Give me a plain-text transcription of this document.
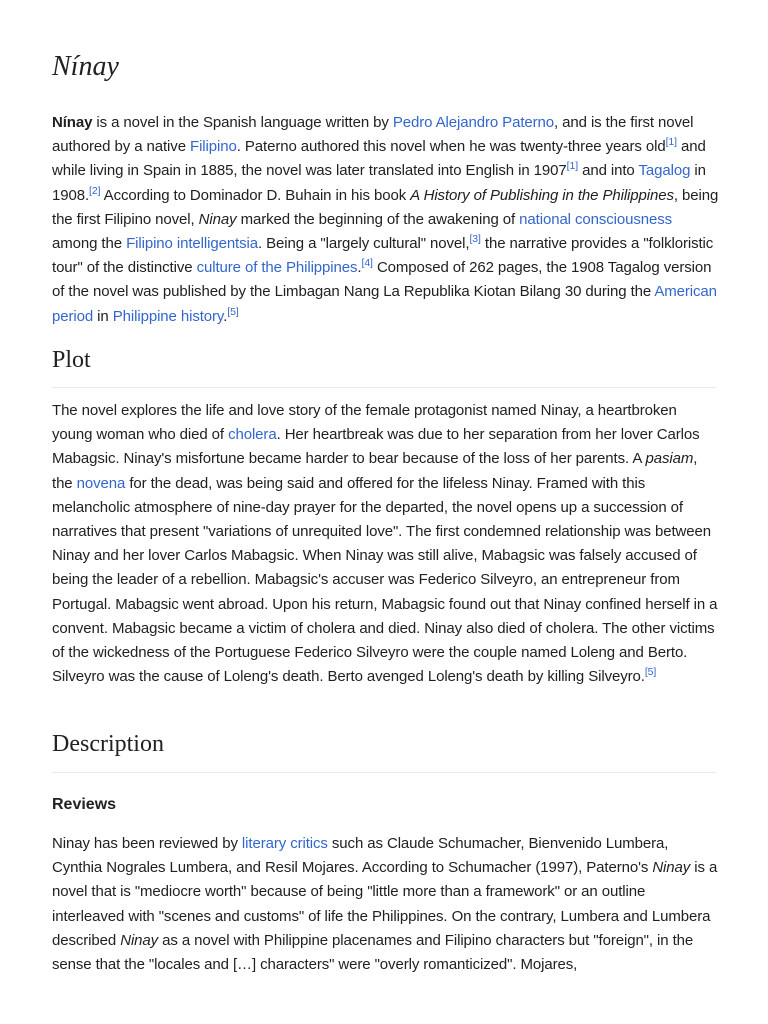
Nínay

Nínay is a novel in the Spanish language written by Pedro Alejandro Paterno, and is the first novel authored by a native Filipino. Paterno authored this novel when he was twenty-three years old[1] and while living in Spain in 1885, the novel was later translated into English in 1907[1] and into Tagalog in 1908.[2] According to Dominador D. Buhain in his book A History of Publishing in the Philippines, being the first Filipino novel, Ninay marked the beginning of the awakening of national consciousness among the Filipino intelligentsia. Being a "largely cultural" novel,[3] the narrative provides a "folkloristic tour" of the distinctive culture of the Philippines.[4] Composed of 262 pages, the 1908 Tagalog version of the novel was published by the Limbagan Nang La Republika Kiotan Bilang 30 during the American period in Philippine history.[5]

Plot

The novel explores the life and love story of the female protagonist named Ninay, a heartbroken young woman who died of cholera. Her heartbreak was due to her separation from her lover Carlos Mabagsic. Ninay's misfortune became harder to bear because of the loss of her parents. A pasiam, the novena for the dead, was being said and offered for the lifeless Ninay. Framed with this melancholic atmosphere of nine-day prayer for the departed, the novel opens up a succession of narratives that present "variations of unrequited love". The first condemned relationship was between Ninay and her lover Carlos Mabagsic. When Ninay was still alive, Mabagsic was falsely accused of being the leader of a rebellion. Mabagsic's accuser was Federico Silveyro, an entrepreneur from Portugal. Mabagsic went abroad. Upon his return, Mabagsic found out that Ninay confined herself in a convent. Mabagsic became a victim of cholera and died. Ninay also died of cholera. The other victims of the wickedness of the Portuguese Federico Silveyro were the couple named Loleng and Berto. Silveyro was the cause of Loleng's death. Berto avenged Loleng's death by killing Silveyro.[5]

Description
Reviews

Ninay has been reviewed by literary critics such as Claude Schumacher, Bienvenido Lumbera, Cynthia Nograles Lumbera, and Resil Mojares. According to Schumacher (1997), Paterno's Ninay is a novel that is "mediocre worth" because of being "little more than a framework" or an outline interleaved with "scenes and customs" of life the Philippines. On the contrary, Lumbera and Lumbera described Ninay as a novel with Philippine placenames and Filipino characters but "foreign", in the sense that the "locales and […] characters" were "overly romanticized". Mojares,
